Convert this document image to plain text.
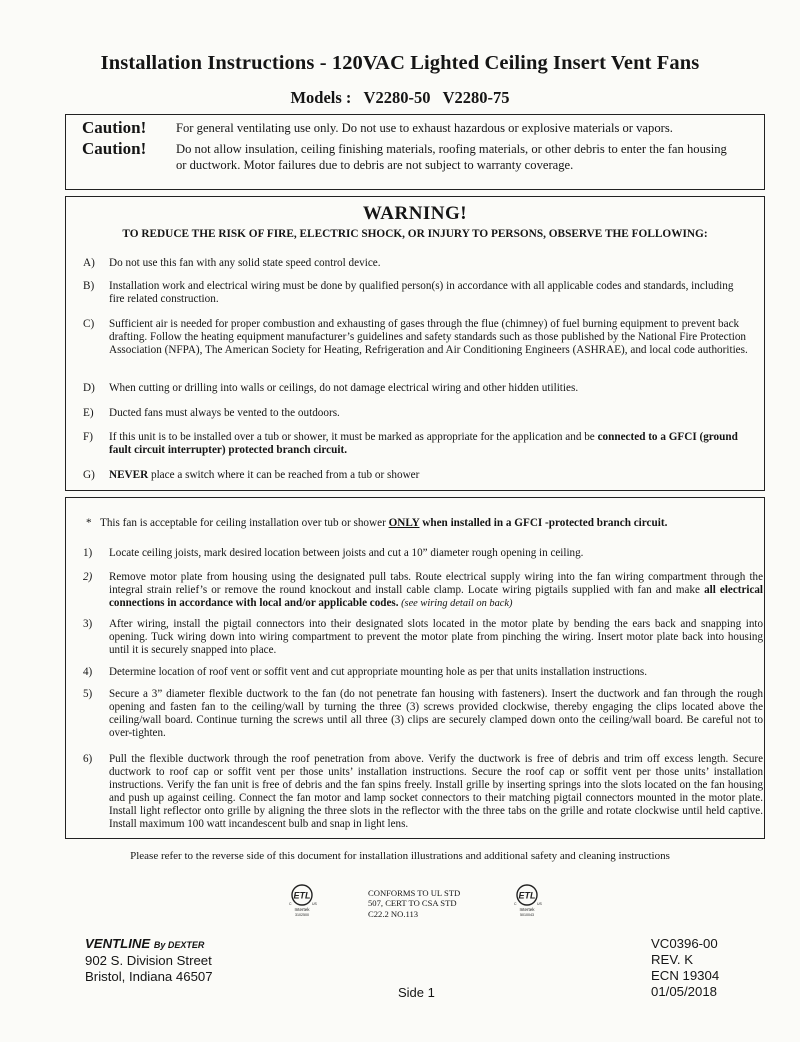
Installation Instructions - 120VAC Lighted Ceiling Insert Vent Fans
Models : V2280-50 V2280-75
Caution!	For general ventilating use only. Do not use to exhaust hazardous or explosive materials or vapors.
Caution!	Do not allow insulation, ceiling finishing materials, roofing materials, or other debris to enter the fan housing or ductwork. Motor failures due to debris are not subject to warranty coverage.
WARNING!
TO REDUCE THE RISK OF FIRE, ELECTRIC SHOCK, OR INJURY TO PERSONS, OBSERVE THE FOLLOWING:
A)	Do not use this fan with any solid state speed control device.
B)	Installation work and electrical wiring must be done by qualified person(s) in accordance with all applicable codes and standards, including fire related construction.
C)	Sufficient air is needed for proper combustion and exhausting of gases through the flue (chimney) of fuel burning equipment to prevent back drafting. Follow the heating equipment manufacturer’s guidelines and safety standards such as those published by the National Fire Protection Association (NFPA), The American Society for Heating, Refrigeration and Air Conditioning Engineers (ASHRAE), and local code authorities.
D)	When cutting or drilling into walls or ceilings, do not damage electrical wiring and other hidden utilities.
E)	Ducted fans must always be vented to the outdoors.
F)	If this unit is to be installed over a tub or shower, it must be marked as appropriate for the application and be connected to a GFCI (ground fault circuit interrupter) protected branch circuit.
G)	NEVER place a switch where it can be reached from a tub or shower
* This fan is acceptable for ceiling installation over tub or shower ONLY when installed in a GFCI -protected branch circuit.
1)	Locate ceiling joists, mark desired location between joists and cut a 10” diameter rough opening in ceiling.
2)	Remove motor plate from housing using the designated pull tabs. Route electrical supply wiring into the fan wiring compartment through the integral strain relief’s or remove the round knockout and install cable clamp. Locate wiring pigtails supplied with fan and make all electrical connections in accordance with local and/or applicable codes. (see wiring detail on back)
3)	After wiring, install the pigtail connectors into their designated slots located in the motor plate by bending the ears back and snapping into opening. Tuck wiring down into wiring compartment to prevent the motor plate from pinching the wiring. Insert motor plate back into housing until it is securely snapped into place.
4)	Determine location of roof vent or soffit vent and cut appropriate mounting hole as per that units installation instructions.
5)	Secure a 3” diameter flexible ductwork to the fan (do not penetrate fan housing with fasteners). Insert the ductwork and fan through the rough opening and fasten fan to the ceiling/wall by turning the three (3) screws provided clockwise, thereby engaging the clips located above the ceiling/wall board. Continue turning the screws until all three (3) clips are securely clamped down onto the ceiling/wall board. Be careful not to over-tighten.
6)	Pull the flexible ductwork through the roof penetration from above. Verify the ductwork is free of debris and trim off excess length. Secure ductwork to roof cap or soffit vent per those units’ installation instructions. Secure the roof cap or soffit vent per those units’ installation instructions. Verify the fan unit is free of debris and the fan spins freely. Install grille by inserting springs into the slots located on the fan housing and push up against ceiling. Connect the fan motor and lamp socket connectors to their matching pigtail connectors mounted in the motor plate. Install light reflector onto grille by aligning the three slots in the reflector with the three tabs on the grille and rotate clockwise until held captive. Install maximum 100 watt incandescent bulb and snap in light lens.
Please refer to the reverse side of this document for installation illustrations and additional safety and cleaning instructions
ETL
C	US
Intertek
3102500
CONFORMS TO UL STD
507, CERT TO CSA STD
C22.2 NO.113
ETL
C	US
Intertek
5010043
VENTLINE By DEXTER
902 S. Division Street
Bristol, Indiana 46507
Side 1
VC0396-00
REV. K
ECN 19304
01/05/2018
